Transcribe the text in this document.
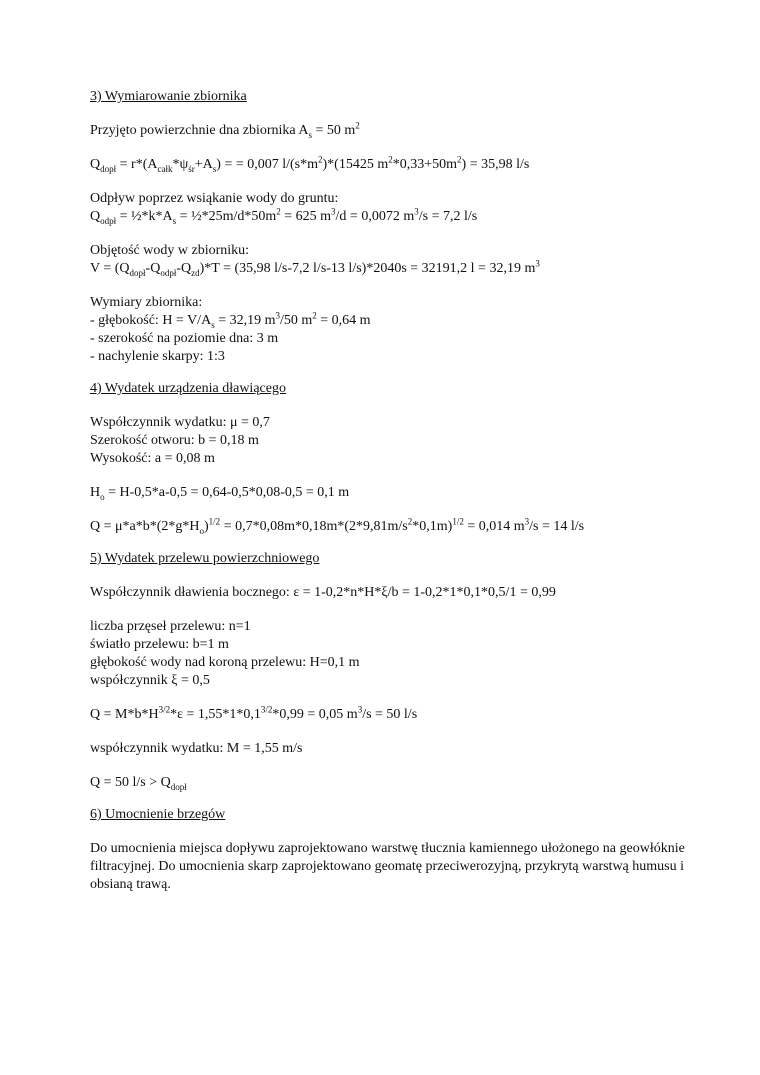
3) Wymiarowanie zbiornika
Przyjęto powierzchnie dna zbiornika $A_s = 50$ $m^2$
$Q_{dopł} = r*(A_{całk}*\psi_{śr}+A_s)$ = = 0,007 $l/(s*m^2)*(15425$ $m^2*0,33+50m^2) = 35,98$ l/s
Odpływ poprzez wsiąkanie wody do gruntu:
$Q_{odpł}$ = $\frac{1}{2}*k*A_s$ = $\frac{1}{2}*25m/d*50m^2 = 625$ $m^3/d = 0,0072$ $m^3/s = 7,2$ l/s
Objętość wody w zbiorniku:
$V = (Q_{dopł}-Q_{odpł}-Q_{zd})*T = (35,98$ l/s-7,2 l/s-13 l/s)*2040s = 32191,2 l = 32,19 $m^3$
Wymiary zbiornika:
- głębokość: $H = V/A_s = 32,19$ $m^3/50$ $m^2 = 0,64$ m
- szerokość na poziomie dna: 3 m
- nachylenie skarpy: 1:3
4) Wydatek urządzenia dławiącego
Współczynnik wydatku: μ = 0,7
Szerokość otworu: b = 0,18 m
Wysokość: a = 0,08 m
$H_o = H-0,5*a-0,5 = 0,64-0,5*0,08-0,5 = 0,1$ m
$Q = \mu*a*b*(2*g*H_o)^{1/2} = 0,7*0,08m*0,18m*(2*9,81m/s^2*0,1m)^{1/2} = 0,014$ $m^3/s = 14$ l/s
5) Wydatek przelewu powierzchniowego
Współczynnik dławienia bocznego: ε = 1-0,2*n*H*ξ/b = 1-0,2*1*0,1*0,5/1 = 0,99
liczba przęseł przelewu: n=1
światło przelewu: b=1 m
głębokość wody nad koroną przelewu: H=0,1 m
współczynnik ξ = 0,5
$Q = M*b*H^{3/2}*\varepsilon = 1,55*1*0,1^{3/2}*0,99 = 0,05$ $m^3/s = 50$ l/s
współczynnik wydatku: M = 1,55 m/s
Q = 50 $l/s > Q_{dopł}$
6) Umocnienie brzegów
Do umocnienia miejsca dopływu zaprojektowano warstwę tłucznia kamiennego ułożonego na geowłóknie filtracyjnej. Do umocnienia skarp zaprojektowano geomatę przeciwerozyjną, przykrytą warstwą humusu i obsianą trawą.
